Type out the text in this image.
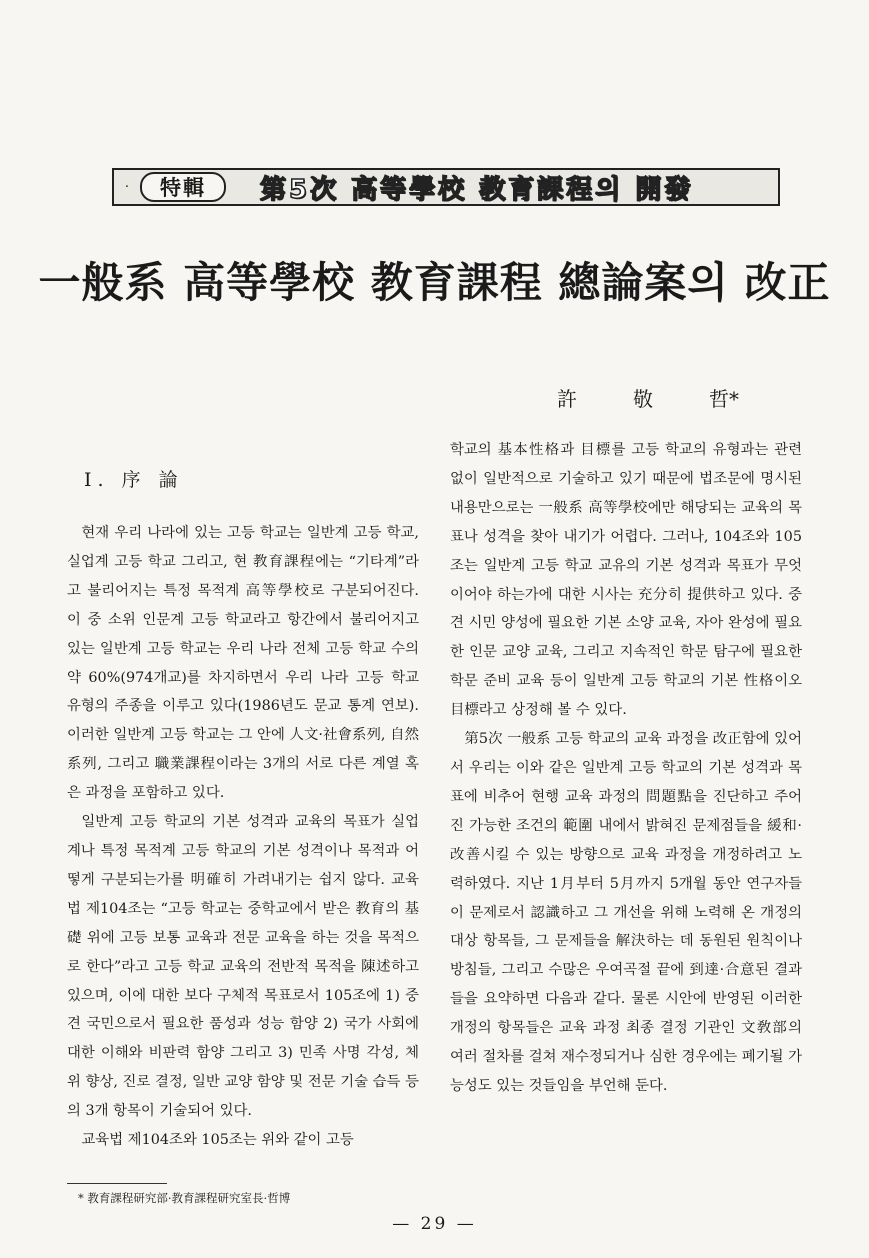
·	特輯	第5次 高等學校 教育課程의 開發
一般系 高等學校 教育課程 總論案의 改正
許	敬	哲*
Ⅰ. 序 論

현재 우리 나라에 있는 고등 학교는 일반계 고등 학교, 실업계 고등 학교 그리고, 현 教育課程에는 “기타계”라고 불리어지는 특정 목적계 高等學校로 구분되어진다. 이 중 소위 인문계 고등 학교라고 항간에서 불리어지고 있는 일반계 고등 학교는 우리 나라 전체 고등 학교 수의 약 60%(974개교)를 차지하면서 우리 나라 고등 학교 유형의 주종을 이루고 있다(1986년도 문교 통계 연보). 이러한 일반계 고등 학교는 그 안에 人文·社會系列, 自然系列, 그리고 職業課程이라는 3개의 서로 다른 계열 혹은 과정을 포함하고 있다.

일반계 고등 학교의 기본 성격과 교육의 목표가 실업계나 특정 목적계 고등 학교의 기본 성격이나 목적과 어떻게 구분되는가를 明確히 가려내기는 쉽지 않다. 교육법 제104조는 “고등 학교는 중학교에서 받은 教育의 基礎 위에 고등 보통 교육과 전문 교육을 하는 것을 목적으로 한다”라고 고등 학교 교육의 전반적 목적을 陳述하고 있으며, 이에 대한 보다 구체적 목표로서 105조에 1) 중견 국민으로서 필요한 품성과 성능 함양 2) 국가 사회에 대한 이해와 비판력 함양 그리고 3) 민족 사명 각성, 체위 향상, 진로 결정, 일반 교양 함양 및 전문 기술 습득 등의 3개 항목이 기술되어 있다.

교육법 제104조와 105조는 위와 같이 고등

학교의 基本性格과 目標를 고등 학교의 유형과는 관련 없이 일반적으로 기술하고 있기 때문에 법조문에 명시된 내용만으로는 一般系 高等學校에만 해당되는 교육의 목표나 성격을 찾아 내기가 어렵다. 그러나, 104조와 105조는 일반계 고등 학교 교유의 기본 성격과 목표가 무엇이어야 하는가에 대한 시사는 充分히 提供하고 있다. 중견 시민 양성에 필요한 기본 소양 교육, 자아 완성에 필요한 인문 교양 교육, 그리고 지속적인 학문 탐구에 필요한 학문 준비 교육 등이 일반계 고등 학교의 기본 性格이오 目標라고 상정해 볼 수 있다.

第5次 一般系 고등 학교의 교육 과정을 改正함에 있어서 우리는 이와 같은 일반계 고등 학교의 기본 성격과 목표에 비추어 현행 교육 과정의 問題點을 진단하고 주어진 가능한 조건의 範圍 내에서 밝혀진 문제점들을 緩和·改善시킬 수 있는 방향으로 교육 과정을 개정하려고 노력하였다. 지난 1月부터 5月까지 5개월 동안 연구자들이 문제로서 認識하고 그 개선을 위해 노력해 온 개정의 대상 항목들, 그 문제들을 解決하는 데 동원된 원칙이나 방침들, 그리고 수많은 우여곡절 끝에 到達·合意된 결과들을 요약하면 다음과 같다. 물론 시안에 반영된 이러한 개정의 항목들은 교육 과정 최종 결정 기관인 文敎部의 여러 절차를 걸쳐 재수정되거나 심한 경우에는 폐기될 가능성도 있는 것들임을 부언해 둔다.

* 教育課程研究部·教育課程研究室長·哲博
— 29 —
